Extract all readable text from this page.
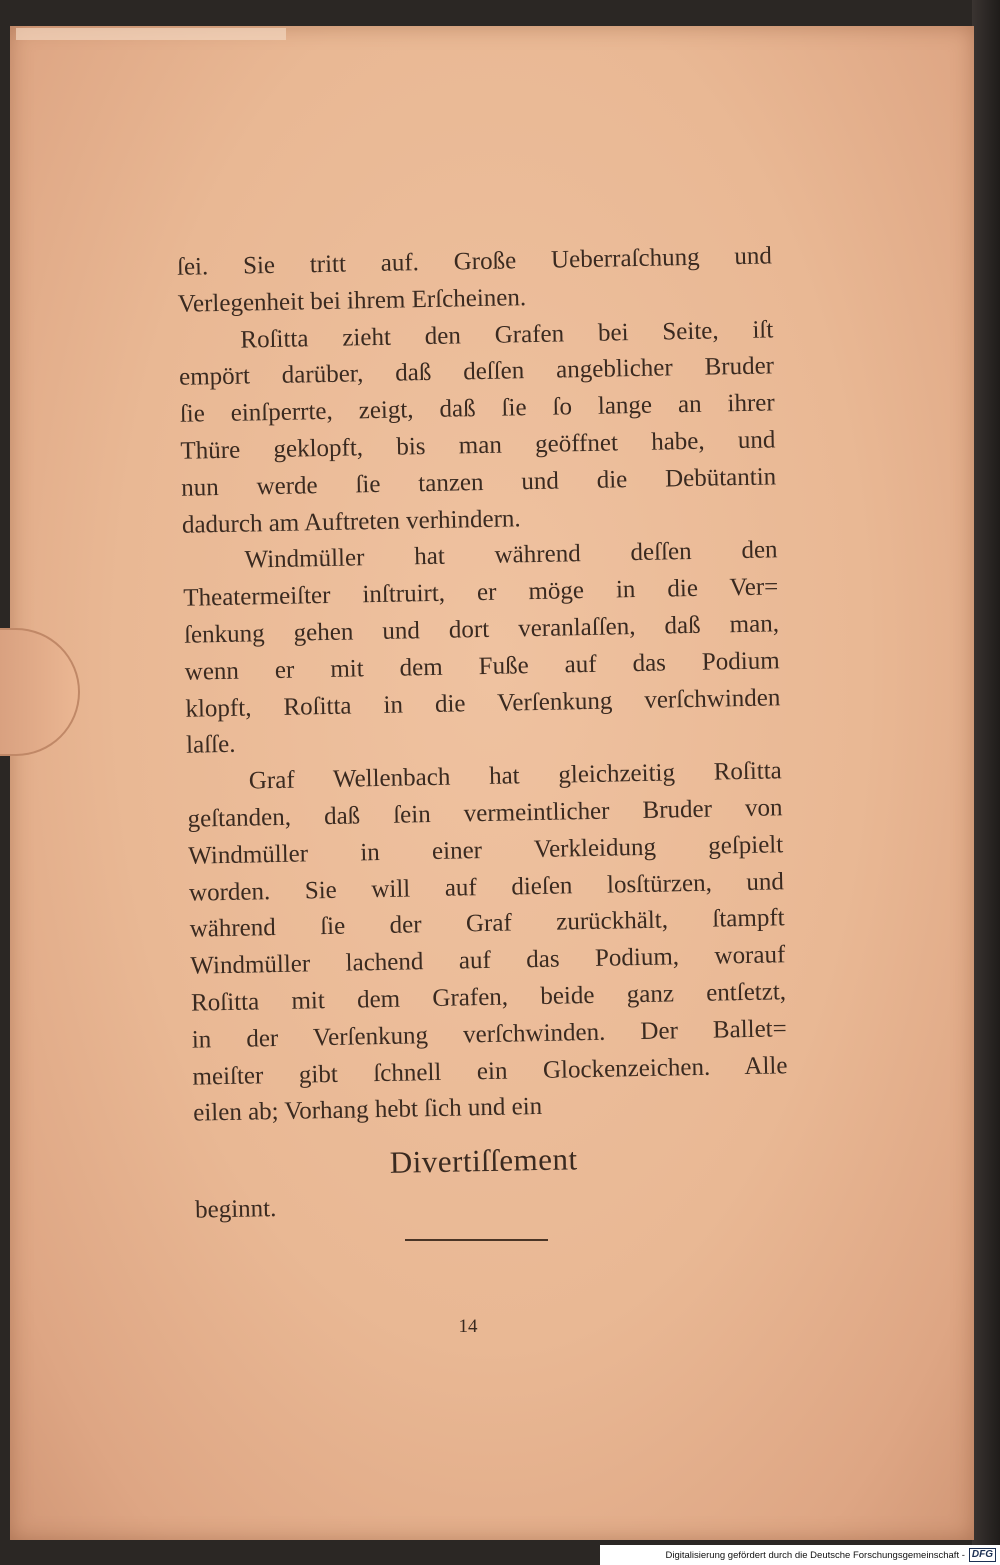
ſei. Sie tritt auf. Große Ueberraſchung und
Verlegenheit bei ihrem Erſcheinen.
Roſitta zieht den Grafen bei Seite, iſt
empört darüber, daß deſſen angeblicher Bruder
ſie einſperrte, zeigt, daß ſie ſo lange an ihrer
Thüre geklopft, bis man geöffnet habe, und
nun werde ſie tanzen und die Debütantin
dadurch am Auftreten verhindern.
Windmüller hat während deſſen den
Theatermeiſter inſtruirt, er möge in die Ver=
ſenkung gehen und dort veranlaſſen, daß man,
wenn er mit dem Fuße auf das Podium
klopft, Roſitta in die Verſenkung verſchwinden
laſſe.
Graf Wellenbach hat gleichzeitig Roſitta
geſtanden, daß ſein vermeintlicher Bruder von
Windmüller in einer Verkleidung geſpielt
worden. Sie will auf dieſen losſtürzen, und
während ſie der Graf zurückhält, ſtampft
Windmüller lachend auf das Podium, worauf
Roſitta mit dem Grafen, beide ganz entſetzt,
in der Verſenkung verſchwinden. Der Ballet=
meiſter gibt ſchnell ein Glockenzeichen. Alle
eilen ab; Vorhang hebt ſich und ein
Divertiſſement
beginnt.
14
Digitalisierung gefördert durch die Deutsche Forschungsgemeinschaft - DFG
